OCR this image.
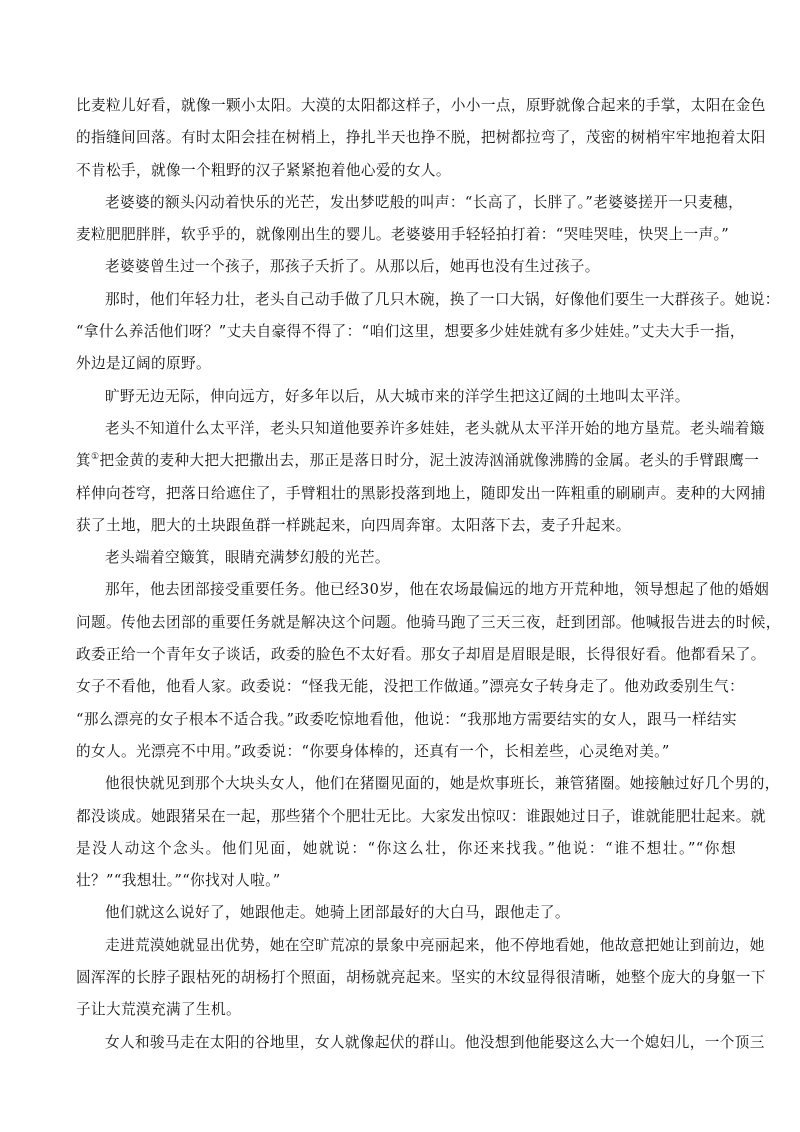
比麦粒儿好看，就像一颗小太阳。大漠的太阳都这样子，小小一点，原野就像合起来的手掌，太阳在金色
的指缝间回落。有时太阳会挂在树梢上，挣扎半天也挣不脱，把树都拉弯了，茂密的树梢牢牢地抱着太阳
不肯松手，就像一个粗野的汉子紧紧抱着他心爱的女人。
老婆婆的额头闪动着快乐的光芒，发出梦呓般的叫声：“长高了，长胖了。”老婆婆搓开一只麦穗，
麦粒肥肥胖胖，软乎乎的，就像刚出生的婴儿。老婆婆用手轻轻拍打着：“哭哇哭哇，快哭上一声。”
老婆婆曾生过一个孩子，那孩子夭折了。从那以后，她再也没有生过孩子。
那时，他们年轻力壮，老头自己动手做了几只木碗，换了一口大锅，好像他们要生一大群孩子。她说：
“拿什么养活他们呀？”丈夫自豪得不得了：“咱们这里，想要多少娃娃就有多少娃娃。”丈夫大手一指，
外边是辽阔的原野。
旷野无边无际，伸向远方，好多年以后，从大城市来的洋学生把这辽阔的土地叫太平洋。
老头不知道什么太平洋，老头只知道他要养许多娃娃，老头就从太平洋开始的地方垦荒。老头端着簸
箕①把金黄的麦种大把大把撒出去，那正是落日时分，泥土波涛汹涌就像沸腾的金属。老头的手臂跟鹰一
样伸向苍穹，把落日给遮住了，手臂粗壮的黑影投落到地上，随即发出一阵粗重的刷刷声。麦种的大网捕
获了土地，肥大的土块跟鱼群一样跳起来，向四周奔窜。太阳落下去，麦子升起来。
老头端着空簸箕，眼睛充满梦幻般的光芒。
那年，他去团部接受重要任务。他已经30岁，他在农场最偏远的地方开荒种地，领导想起了他的婚姻
问题。传他去团部的重要任务就是解决这个问题。他骑马跑了三天三夜，赶到团部。他喊报告进去的时候，
政委正给一个青年女子谈话，政委的脸色不太好看。那女子却眉是眉眼是眼，长得很好看。他都看呆了。
女子不看他，他看人家。政委说：“怪我无能，没把工作做通。”漂亮女子转身走了。他劝政委别生气：
“那么漂亮的女子根本不适合我。”政委吃惊地看他，他说：“我那地方需要结实的女人，跟马一样结实
的女人。光漂亮不中用。”政委说：“你要身体棒的，还真有一个，长相差些，心灵绝对美。”
他很快就见到那个大块头女人，他们在猪圈见面的，她是炊事班长，兼管猪圈。她接触过好几个男的，
都没谈成。她跟猪呆在一起，那些猪个个肥壮无比。大家发出惊叹：谁跟她过日子，谁就能肥壮起来。就
是没人动这个念头。他们见面，她就说：“你这么壮，你还来找我。”他说：“谁不想壮。”“你想
壮？”“我想壮。”“你找对人啦。”
他们就这么说好了，她跟他走。她骑上团部最好的大白马，跟他走了。
走进荒漠她就显出优势，她在空旷荒凉的景象中亮丽起来，他不停地看她，他故意把她让到前边，她
圆浑浑的长脖子跟枯死的胡杨打个照面，胡杨就亮起来。坚实的木纹显得很清晰，她整个庞大的身躯一下
子让大荒漠充满了生机。
女人和骏马走在太阳的谷地里，女人就像起伏的群山。他没想到他能娶这么大一个媳妇儿，一个顶三
